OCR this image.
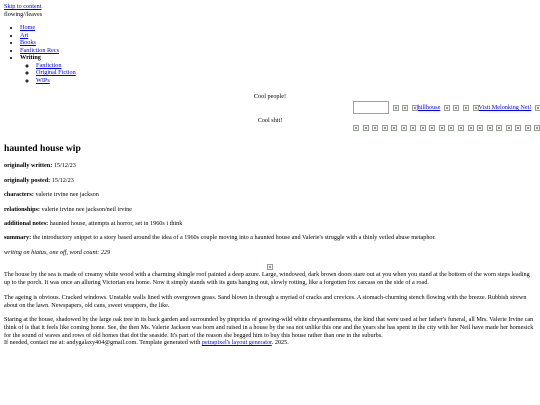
Skip to content
flowing//leaves
• Home
• Art
• Books
• Fanfiction Recs
• Writing
◦ Fanfiction
◦ Original Fiction
◦ WIPs
Cool people!
Cool shit!
hillhouse	Visit Melonking Net!

haunted house wip

originally written: 15/12/23

originally posted: 15/12/23

characters: valerie irvine nee jackson

relationships: valerie irvine nee jackson/neil irvine

additional notes: haunted house, attempts at horror, set in 1960s i think

summary: the introductory snippet to a story based around the idea of a 1960s couple moving into a haunted house and Valerie's struggle with a thinly veiled abuse metaphor.

writing on hiatus, one off, word count: 229

The house by the sea is made of creamy white wood with a charming shingle roof painted a deep azure. Large, windowed, dark brown doors stare out at you when you stand at the bottom of the worn steps leading up to the porch. It was once an alluring Victorian era home. Now it simply stands with its guts hanging out, slowly rotting, like a forgotten fox carcass on the side of a road.

The ageing is obvious. Cracked windows. Unstable walls lined with overgrown grass. Sand blown in through a myriad of cracks and crevices. A stomach-churning stench flowing with the breeze. Rubbish strewn about on the lawn. Newspapers, old cans, sweet wrappers, the like.

Staring at the house, shadowed by the large oak tree in its back garden and surrounded by pinpricks of growing-wild white chrysanthemums, the kind that were used at her father's funeral, all Mrs. Valerie Irvine can think of is that it feels like coming home. See, the then Ms. Valerie Jackson was born and raised in a house by the sea not unlike this one and the years she has spent in the city with her Neil have made her homesick for the sound of waves and rows of old homes that dot the seaside. It's part of the reason she begged him to buy this house rather than one in the suburbs.

If needed, contact me at: andygalaxy404@gmail.com. Template generated with petrapixel's layout generator. 2025.
